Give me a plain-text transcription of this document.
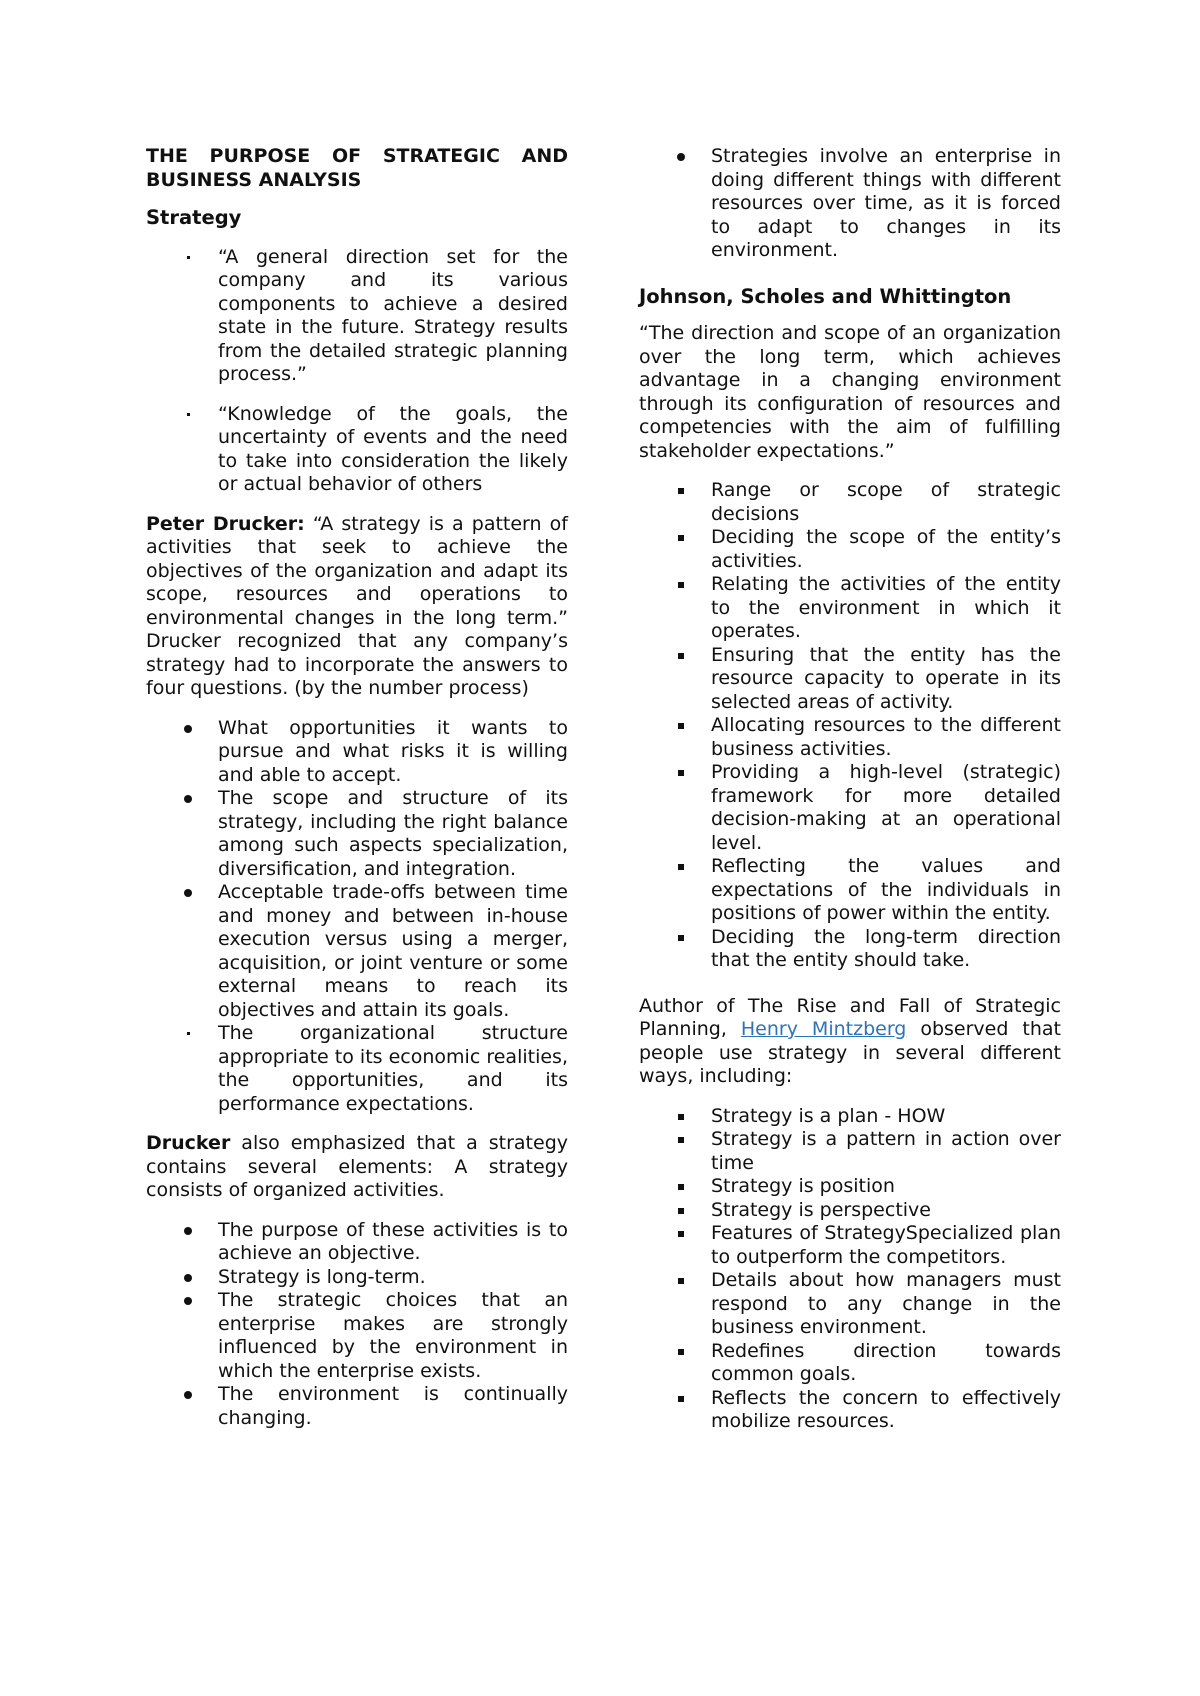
THE PURPOSE OF STRATEGIC AND BUSINESS ANALYSIS

Strategy
“A general direction set for the company and its various components to achieve a desired state in the future. Strategy results from the detailed strategic planning process.”
“Knowledge of the goals, the uncertainty of events and the need to take into consideration the likely or actual behavior of others

Peter Drucker: “A strategy is a pattern of activities that seek to achieve the objectives of the organization and adapt its scope, resources and operations to environmental changes in the long term.” Drucker recognized that any company’s strategy had to incorporate the answers to four questions. (by the number process)

What opportunities it wants to pursue and what risks it is willing and able to accept.
The scope and structure of its strategy, including the right balance among such aspects specialization, diversification, and integration.
Acceptable trade-offs between time and money and between in-house execution versus using a merger, acquisition, or joint venture or some external means to reach its objectives and attain its goals.
The organizational structure appropriate to its economic realities, the opportunities, and its performance expectations.

Drucker also emphasized that a strategy contains several elements: A strategy consists of organized activities.

The purpose of these activities is to achieve an objective.
Strategy is long-term.
The strategic choices that an enterprise makes are strongly influenced by the environment in which the enterprise exists.
The environment is continually changing.
Strategies involve an enterprise in doing different things with different resources over time, as it is forced to adapt to changes in its environment.
Johnson, Scholes and Whittington

“The direction and scope of an organization over the long term, which achieves advantage in a changing environment through its configuration of resources and competencies with the aim of fulfilling stakeholder expectations.”

Range or scope of strategic decisions
Deciding the scope of the entity’s activities.
Relating the activities of the entity to the environment in which it operates.
Ensuring that the entity has the resource capacity to operate in its selected areas of activity.
Allocating resources to the different business activities.
Providing a high-level (strategic) framework for more detailed decision-making at an operational level.
Reflecting the values and expectations of the individuals in positions of power within the entity.
Deciding the long-term direction that the entity should take.

Author of The Rise and Fall of Strategic Planning, Henry Mintzberg observed that people use strategy in several different ways, including:

Strategy is a plan - HOW
Strategy is a pattern in action over time
Strategy is position
Strategy is perspective
Features of StrategySpecialized plan to outperform the competitors.
Details about how managers must respond to any change in the business environment.
Redefines direction towards common goals.
Reflects the concern to effectively mobilize resources.
